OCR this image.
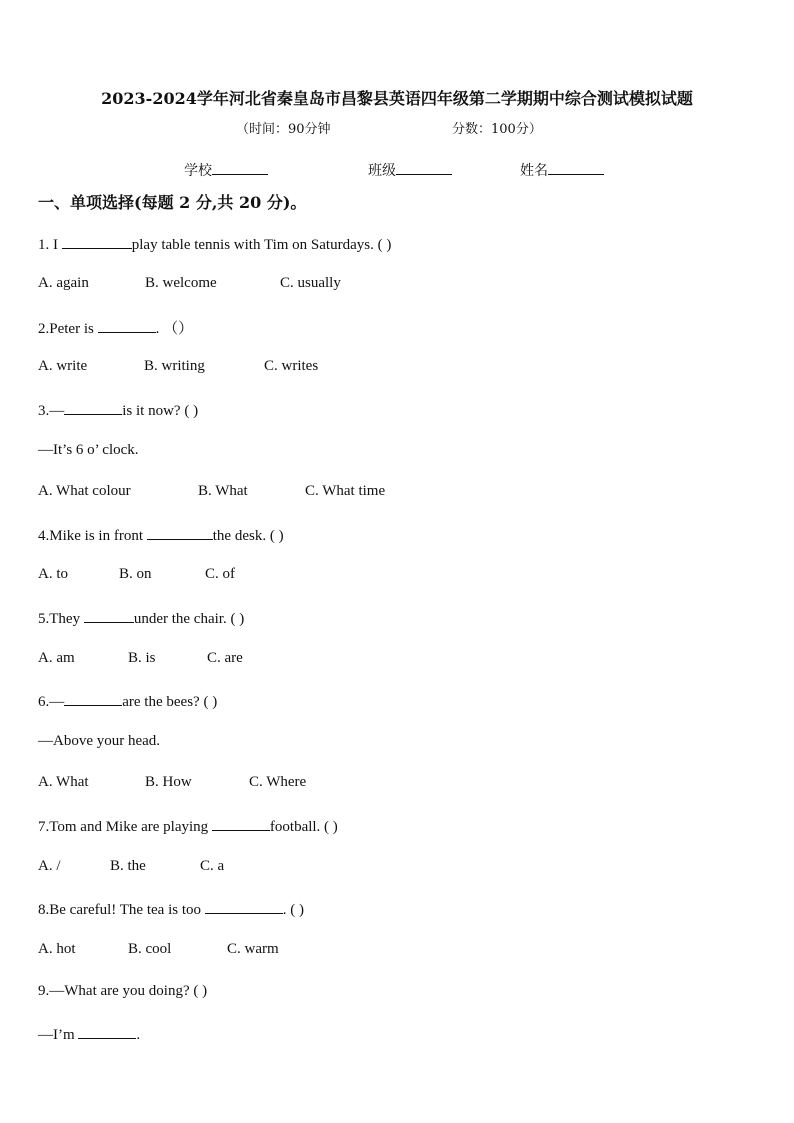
2023-2024学年河北省秦皇岛市昌黎县英语四年级第二学期期中综合测试模拟试题
（时间：90分钟	分数：100分）
学校	班级	姓名
一、单项选择(每题 2 分,共 20 分)。
1. I	play table tennis with Tim on Saturdays. ( )
A. again	B. welcome	C. usually
2.Peter is	. （）
A. write	B. writing	C. writes
3.—	is it now? ( )
—It’s 6 o’ clock.
A. What colour	B. What	C. What time
4.Mike is in front	the desk. ( )
A. to	B. on	C. of
5.They	under the chair. ( )
A. am	B. is	C. are
6.—	are the bees? ( )
—Above your head.
A. What	B. How	C. Where
7.Tom and Mike are playing	football. ( )
A. /	B. the	C. a
8.Be careful! The tea is too	. ( )
A. hot	B. cool	C. warm
9.—What are you doing? ( )
—I’m	.
